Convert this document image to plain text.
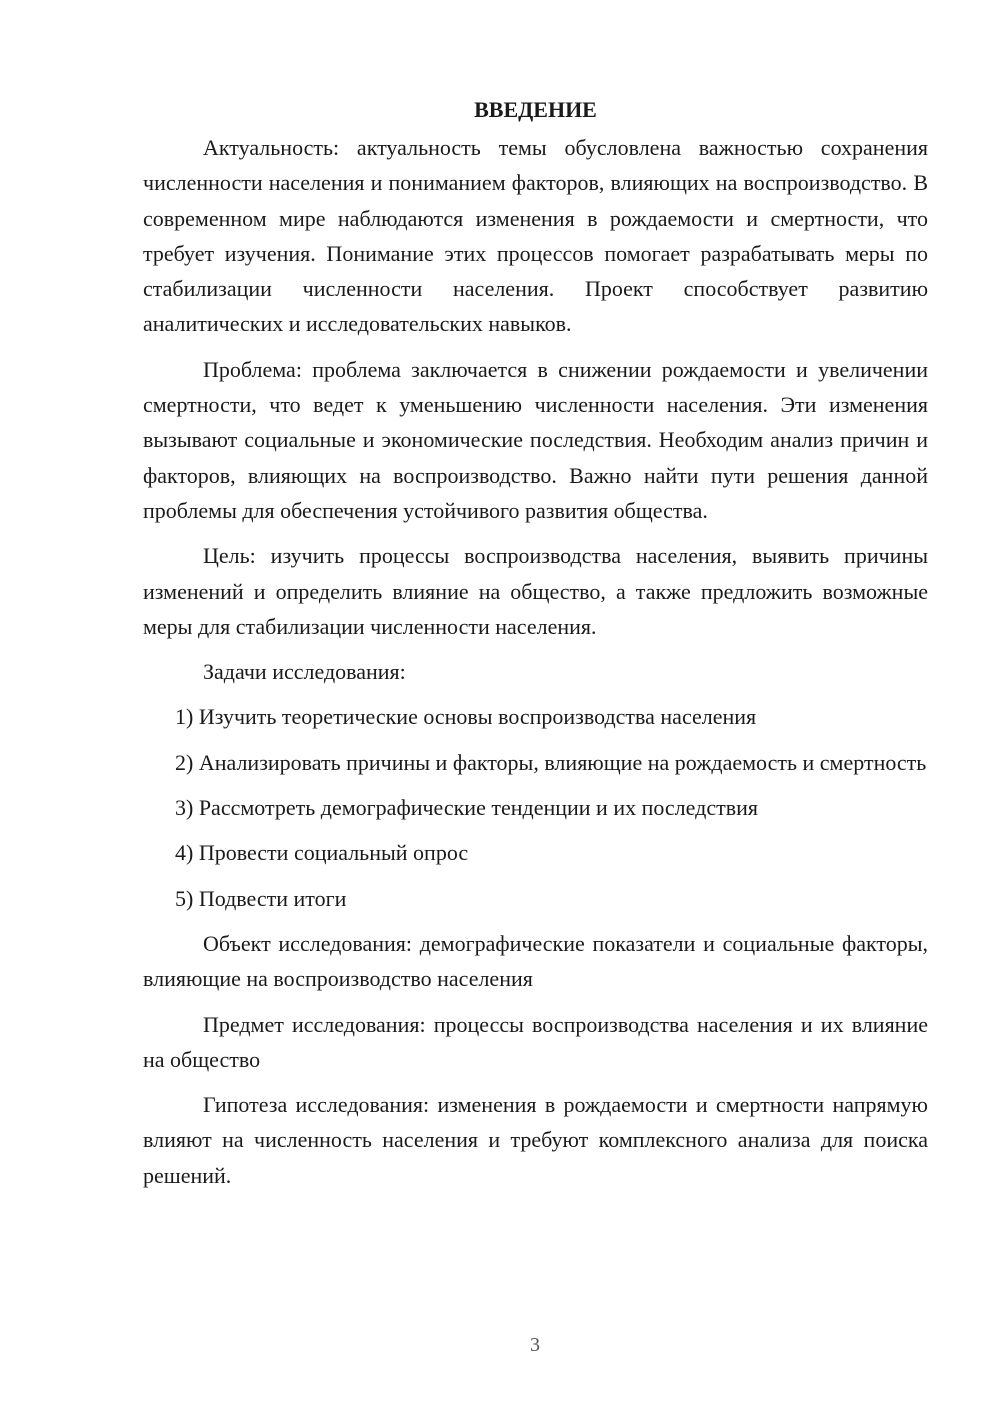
ВВЕДЕНИЕ

Актуальность: актуальность темы обусловлена важностью сохранения численности населения и пониманием факторов, влияющих на воспроизводство. В современном мире наблюдаются изменения в рождаемости и смертности, что требует изучения. Понимание этих процессов помогает разрабатывать меры по стабилизации численности населения. Проект способствует развитию аналитических и исследовательских навыков.

Проблема: проблема заключается в снижении рождаемости и увеличении смертности, что ведет к уменьшению численности населения. Эти изменения вызывают социальные и экономические последствия. Необходим анализ причин и факторов, влияющих на воспроизводство. Важно найти пути решения данной проблемы для обеспечения устойчивого развития общества.

Цель: изучить процессы воспроизводства населения, выявить причины изменений и определить влияние на общество, а также предложить возможные меры для стабилизации численности населения.

Задачи исследования:

1) Изучить теоретические основы воспроизводства населения

2) Анализировать причины и факторы, влияющие на рождаемость и смертность

3) Рассмотреть демографические тенденции и их последствия

4) Провести социальный опрос

5) Подвести итоги

Объект исследования: демографические показатели и социальные факторы, влияющие на воспроизводство населения

Предмет исследования: процессы воспроизводства населения и их влияние на общество

Гипотеза исследования: изменения в рождаемости и смертности напрямую влияют на численность населения и требуют комплексного анализа для поиска решений.

3
